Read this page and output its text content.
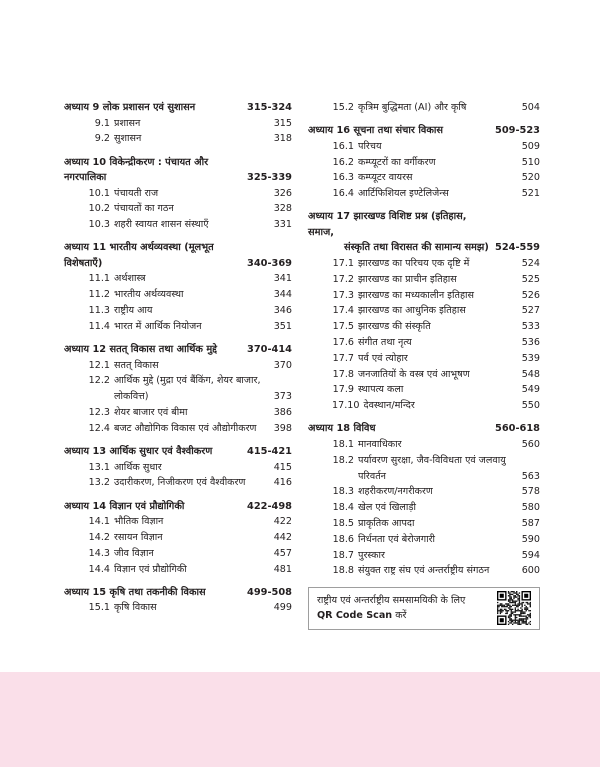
अध्याय 9 लोक प्रशासन एवं सुशासन	315-324
9.1 प्रशासन	315
9.2 सुशासन	318
अध्याय 10 विकेन्द्रीकरण : पंचायत और नगरपालिका	325-339
10.1 पंचायती राज	326
10.2 पंचायतों का गठन	328
10.3 शहरी स्वायत शासन संस्थाएँ	331
अध्याय 11 भारतीय अर्थव्यवस्था (मूलभूत विशेषताएँ)	340-369
11.1 अर्थशास्त्र	341
11.2 भारतीय अर्थव्यवस्था	344
11.3 राष्ट्रीय आय	346
11.4 भारत में आर्थिक नियोजन	351
अध्याय 12 सतत् विकास तथा आर्थिक मुद्दे	370-414
12.1 सतत् विकास	370
12.2 आर्थिक मुद्दे (मुद्रा एवं बैंकिंग, शेयर बाजार, लोकवित्त)	373
12.3 शेयर बाजार एवं बीमा	386
12.4 बजट औद्योगिक विकास एवं औद्योगीकरण	398
अध्याय 13 आर्थिक सुधार एवं वैश्वीकरण	415-421
13.1 आर्थिक सुधार	415
13.2 उदारीकरण, निजीकरण एवं वैश्वीकरण	416
अध्याय 14 विज्ञान एवं प्रौद्योगिकी	422-498
14.1 भौतिक विज्ञान	422
14.2 रसायन विज्ञान	442
14.3 जीव विज्ञान	457
14.4 विज्ञान एवं प्रौद्योगिकी	481
अध्याय 15 कृषि तथा तकनीकी विकास	499-508
15.1 कृषि विकास	499
15.2 कृत्रिम बुद्धिमता (AI) और कृषि	504
अध्याय 16 सूचना तथा संचार विकास	509-523
16.1 परिचय	509
16.2 कम्प्यूटरों का वर्गीकरण	510
16.3 कम्प्यूटर वायरस	520
16.4 आर्टिफिशियल इण्टेलिजेन्स	521
अध्याय 17 झारखण्ड विशिष्ट प्रश्न (इतिहास, समाज,
संस्कृति तथा विरासत की सामान्य समझ) 524-559
17.1 झारखण्ड का परिचय एक दृष्टि में	524
17.2 झारखण्ड का प्राचीन इतिहास	525
17.3 झारखण्ड का मध्यकालीन इतिहास	526
17.4 झारखण्ड का आधुनिक इतिहास	527
17.5 झारखण्ड की संस्कृति	533
17.6 संगीत तथा नृत्य	536
17.7 पर्व एवं त्योहार	539
17.8 जनजातियों के वस्त्र एवं आभूषण	548
17.9 स्थापत्य कला	549
17.10 देवस्थान/मन्दिर	550
अध्याय 18 विविध	560-618
18.1 मानवाधिकार	560
18.2 पर्यावरण सुरक्षा, जैव-विविधता एवं जलवायु परिवर्तन	563
18.3 शहरीकरण/नगरीकरण	578
18.4 खेल एवं खिलाड़ी	580
18.5 प्राकृतिक आपदा	587
18.6 निर्धनता एवं बेरोजगारी	590
18.7 पुरस्कार	594
18.8 संयुक्त राष्ट्र संघ एवं अन्तर्राष्ट्रीय संगठन	600
राष्ट्रीय एवं अन्तर्राष्ट्रीय समसामयिकी के लिए
QR Code Scan करें
